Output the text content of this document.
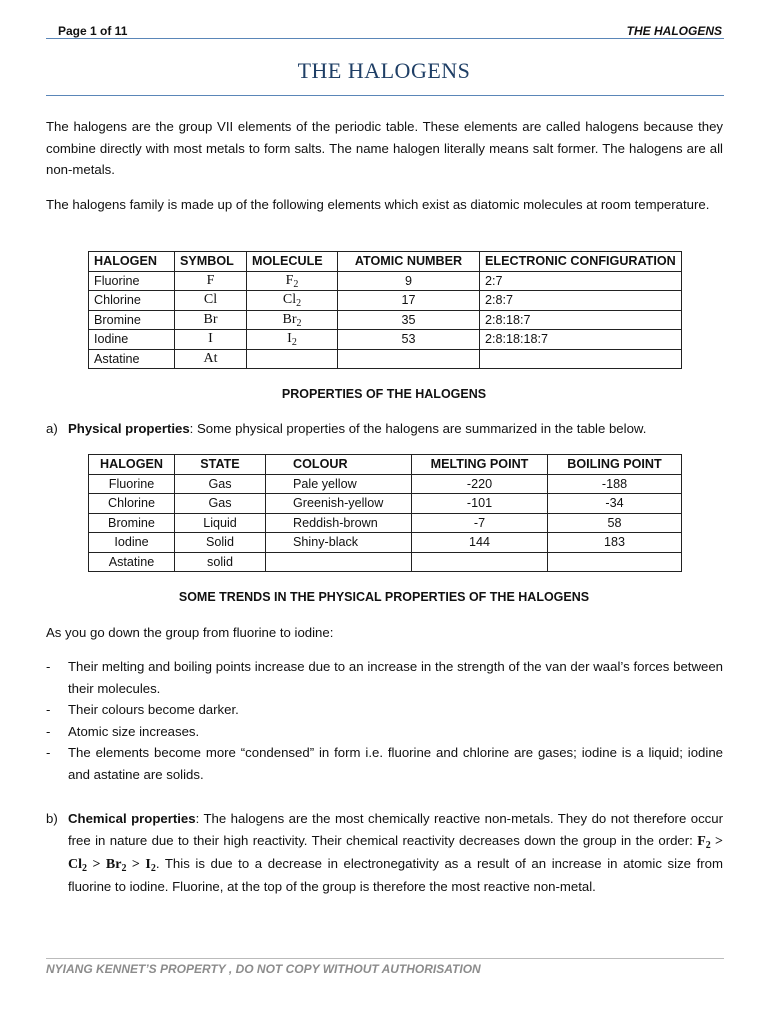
Page 1 of 11	THE HALOGENS
THE HALOGENS
The halogens are the group VII elements of the periodic table. These elements are called halogens because they combine directly with most metals to form salts. The name halogen literally means salt former. The halogens are all non-metals.
The halogens family is made up of the following elements which exist as diatomic molecules at room temperature.
HALOGEN	SYMBOL	MOLECULE	ATOMIC NUMBER	ELECTRONIC CONFIGURATION
Fluorine	F	$F_2$	9	2:7
Chlorine	Cl	$Cl_2$	17	2:8:7
Bromine	Br	$Br_2$	35	2:8:18:7
Iodine	I	$I_2$	53	2:8:18:18:7
Astatine	At			
PROPERTIES OF THE HALOGENS
a) Physical properties: Some physical properties of the halogens are summarized in the table below.
HALOGEN	STATE	COLOUR	MELTING POINT	BOILING POINT
Fluorine	Gas	Pale yellow	-220	-188
Chlorine	Gas	Greenish-yellow	-101	-34
Bromine	Liquid	Reddish-brown	-7	58
Iodine	Solid	Shiny-black	144	183
Astatine	solid			
SOME TRENDS IN THE PHYSICAL PROPERTIES OF THE HALOGENS
As you go down the group from fluorine to iodine:
- Their melting and boiling points increase due to an increase in the strength of the van der waal’s forces between their molecules.
- Their colours become darker.
- Atomic size increases.
- The elements become more “condensed” in form i.e. fluorine and chlorine are gases; iodine is a liquid; iodine and astatine are solids.
b) Chemical properties: The halogens are the most chemically reactive non-metals. They do not therefore occur free in nature due to their high reactivity. Their chemical reactivity decreases down the group in the order: $F_2 > Cl_2 > Br_2 > I_2$. This is due to a decrease in electronegativity as a result of an increase in atomic size from fluorine to iodine. Fluorine, at the top of the group is therefore the most reactive non-metal.
NYIANG KENNET’S PROPERTY , DO NOT COPY WITHOUT AUTHORISATION
